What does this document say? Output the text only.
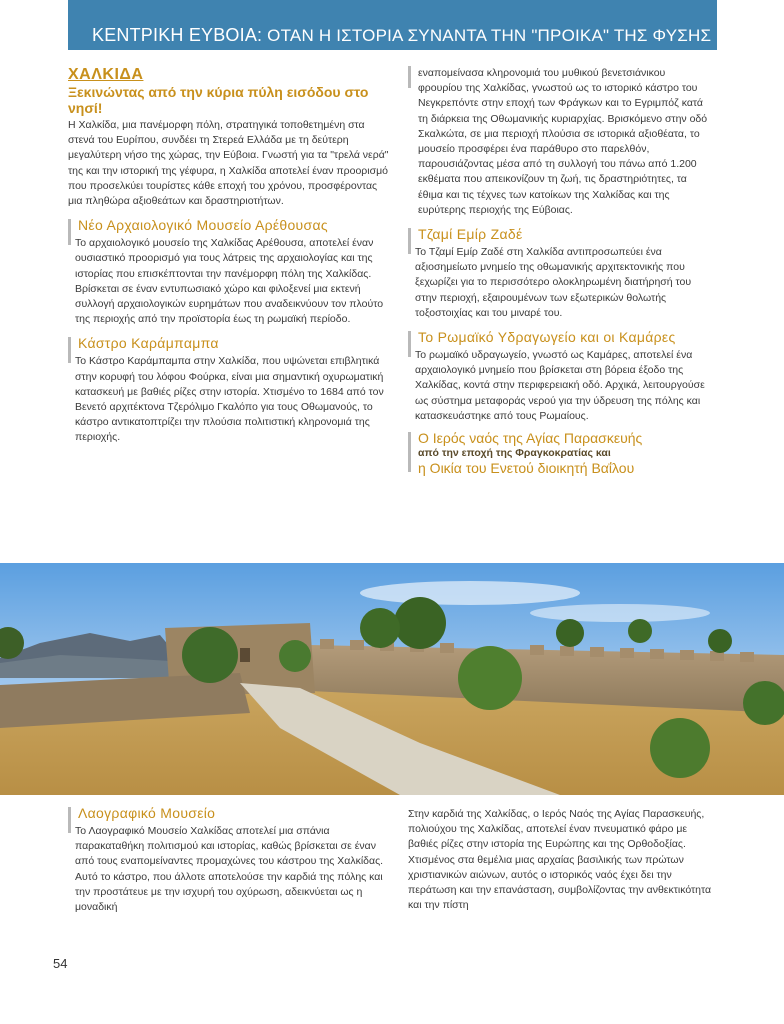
ΚΕΝΤΡΙΚΗ ΕΥΒΟΙΑ: ΟΤΑΝ Η ΙΣΤΟΡΙΑ ΣΥΝΑΝΤΑ ΤΗΝ "ΠΡΟΙΚΑ" ΤΗΣ ΦΥΣΗΣ
ΧΑΛΚΙΔΑ
Ξεκινώντας από την κύρια πύλη εισόδου στο νησί!

Η Χαλκίδα, μια πανέμορφη πόλη, στρατηγικά τοποθετημένη στα στενά του Ευρίπου, συνδέει τη Στερεά Ελλάδα με τη δεύτερη μεγαλύτερη νήσο της χώρας, την Εύβοια. Γνωστή για τα "τρελά νερά" της και την ιστορική της γέφυρα, η Χαλκίδα αποτελεί έναν προορισμό που προσελκύει τουρίστες κάθε εποχή του χρόνου, προσφέροντας μια πληθώρα αξιοθεάτων και δραστηριοτήτων.

Νέο Αρχαιολογικό Μουσείο Αρέθουσας

Το αρχαιολογικό μουσείο της Χαλκίδας Αρέθουσα, αποτελεί έναν ουσιαστικό προορισμό για τους λάτρεις της αρχαιολογίας και της ιστορίας που επισκέπτονται την πανέμορφη πόλη της Χαλκίδας. Βρίσκεται σε έναν εντυπωσιακό χώρο και φιλοξενεί μια εκτενή συλλογή αρχαιολογικών ευρημάτων που αναδεικνύουν τον πλούτο της περιοχής από την προϊστορία έως τη ρωμαϊκή περίοδο.

Κάστρο Καράμπαμπα

Το Κάστρο Καράμπαμπα στην Χαλκίδα, που υψώνεται επιβλητικά στην κορυφή του λόφου Φούρκα, είναι μια σημαντική οχυρωματική κατασκευή με βαθιές ρίζες στην ιστορία. Χτισμένο το 1684 από τον Βενετό αρχιτέκτονα Τζερόλιμο Γκαλόπο για τους Οθωμανούς, το κάστρο αντικατοπτρίζει την πλούσια πολιτιστική κληρονομιά της περιοχής.

εναπομείνασα κληρονομιά του μυθικού βενετσιάνικου φρουρίου της Χαλκίδας, γνωστού ως το ιστορικό κάστρο του Νεγκρεπόντε στην εποχή των Φράγκων και το Εγριμπόζ κατά τη διάρκεια της Οθωμανικής κυριαρχίας. Βρισκόμενο στην οδό Σκαλκώτα, σε μια περιοχή πλούσια σε ιστορικά αξιοθέατα, το μουσείο προσφέρει ένα παράθυρο στο παρελθόν, παρουσιάζοντας μέσα από τη συλλογή του πάνω από 1.200 εκθέματα που απεικονίζουν τη ζωή, τις δραστηριότητες, τα έθιμα και τις τέχνες των κατοίκων της Χαλκίδας και της ευρύτερης περιοχής της Εύβοιας.

Τζαμί Εμίρ Ζαδέ

Το Τζαμί Εμίρ Ζαδέ στη Χαλκίδα αντιπροσωπεύει ένα αξιοσημείωτο μνημείο της οθωμανικής αρχιτεκτονικής που ξεχωρίζει για το περισσότερο ολοκληρωμένη διατήρησή του στην περιοχή, εξαιρουμένων των εξωτερικών θολωτής τοξοστοιχίας και του μιναρέ του.

Το Ρωμαϊκό Υδραγωγείο και οι Καμάρες

Το ρωμαϊκό υδραγωγείο, γνωστό ως Καμάρες, αποτελεί ένα αρχαιολογικό μνημείο που βρίσκεται στη βόρεια έξοδο της Χαλκίδας, κοντά στην περιφερειακή οδό. Αρχικά, λειτουργούσε ως σύστημα μεταφοράς νερού για την ύδρευση της πόλης και κατασκευάστηκε από τους Ρωμαίους.

Ο Ιερός ναός της Αγίας Παρασκευής
από την εποχή της Φραγκοκρατίας και
η Οικία του Ενετού διοικητή Βαΐλου
Λαογραφικό Μουσείο

Το Λαογραφικό Μουσείο Χαλκίδας αποτελεί μια σπάνια παρακαταθήκη πολιτισμού και ιστορίας, καθώς βρίσκεται σε έναν από τους εναπομείναντες προμαχώνες του κάστρου της Χαλκίδας. Αυτό το κάστρο, που άλλοτε αποτελούσε την καρδιά της πόλης και την προστάτευε με την ισχυρή του οχύρωση, αδεικνύεται ως η μοναδική

Στην καρδιά της Χαλκίδας, ο Ιερός Ναός της Αγίας Παρασκευής, πολιούχου της Χαλκίδας, αποτελεί έναν πνευματικό φάρο με βαθιές ρίζες στην ιστορία της Ευρώπης και της Ορθοδοξίας. Χτισμένος στα θεμέλια μιας αρχαίας βασιλικής των πρώτων χριστιανικών αιώνων, αυτός ο ιστορικός ναός έχει δει την περάτωση και την επανάσταση, συμβολίζοντας την ανθεκτικότητα και την πίστη

54
